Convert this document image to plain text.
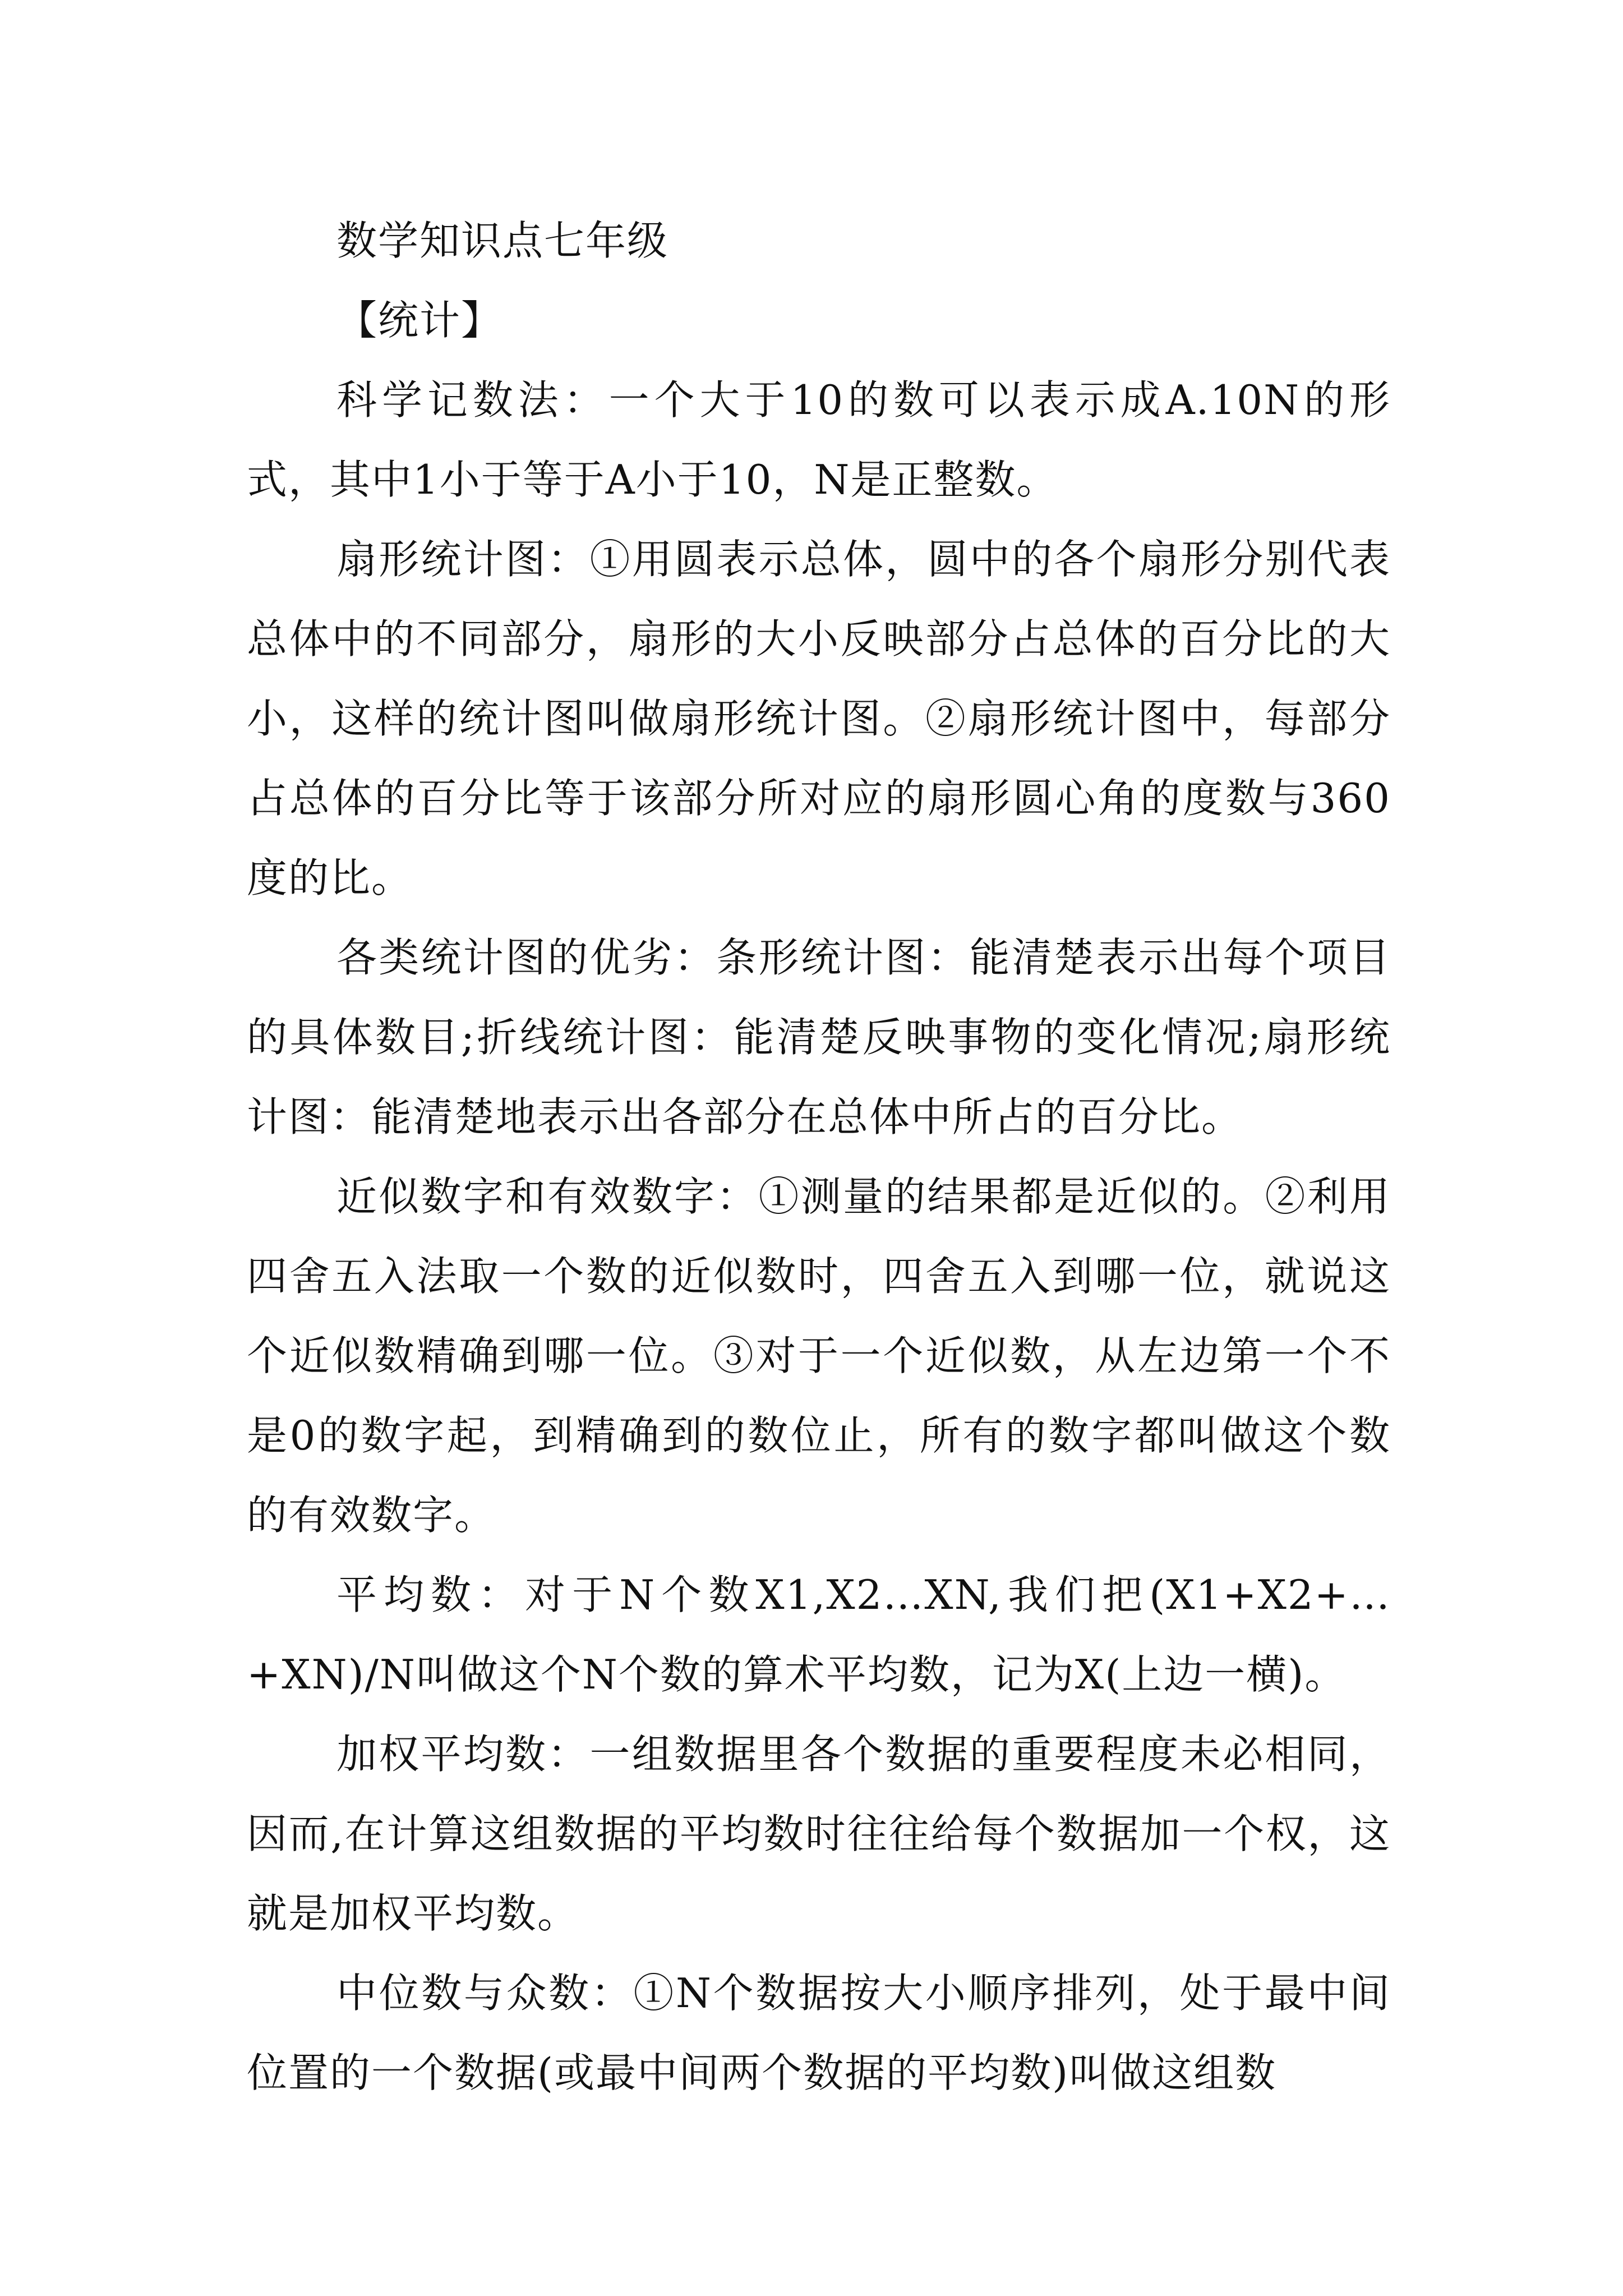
数学知识点七年级

【统计】

科学记数法：一个大于10的数可以表示成A.10N的形式，其中1小于等于A小于10，N是正整数。

扇形统计图：①用圆表示总体，圆中的各个扇形分别代表总体中的不同部分，扇形的大小反映部分占总体的百分比的大小，这样的统计图叫做扇形统计图。②扇形统计图中，每部分占总体的百分比等于该部分所对应的扇形圆心角的度数与360度的比。

各类统计图的优劣：条形统计图：能清楚表示出每个项目的具体数目;折线统计图：能清楚反映事物的变化情况;扇形统计图：能清楚地表示出各部分在总体中所占的百分比。

近似数字和有效数字：①测量的结果都是近似的。②利用四舍五入法取一个数的近似数时，四舍五入到哪一位，就说这个近似数精确到哪一位。③对于一个近似数，从左边第一个不是0的数字起，到精确到的数位止，所有的数字都叫做这个数的有效数字。

平均数：对于N个数X1,X2…XN,我们把(X1+X2+…+XN)/N叫做这个N个数的算术平均数，记为X(上边一横)。

加权平均数：一组数据里各个数据的重要程度未必相同，因而,在计算这组数据的平均数时往往给每个数据加一个权，这就是加权平均数。

中位数与众数：①N个数据按大小顺序排列，处于最中间位置的一个数据(或最中间两个数据的平均数)叫做这组数
